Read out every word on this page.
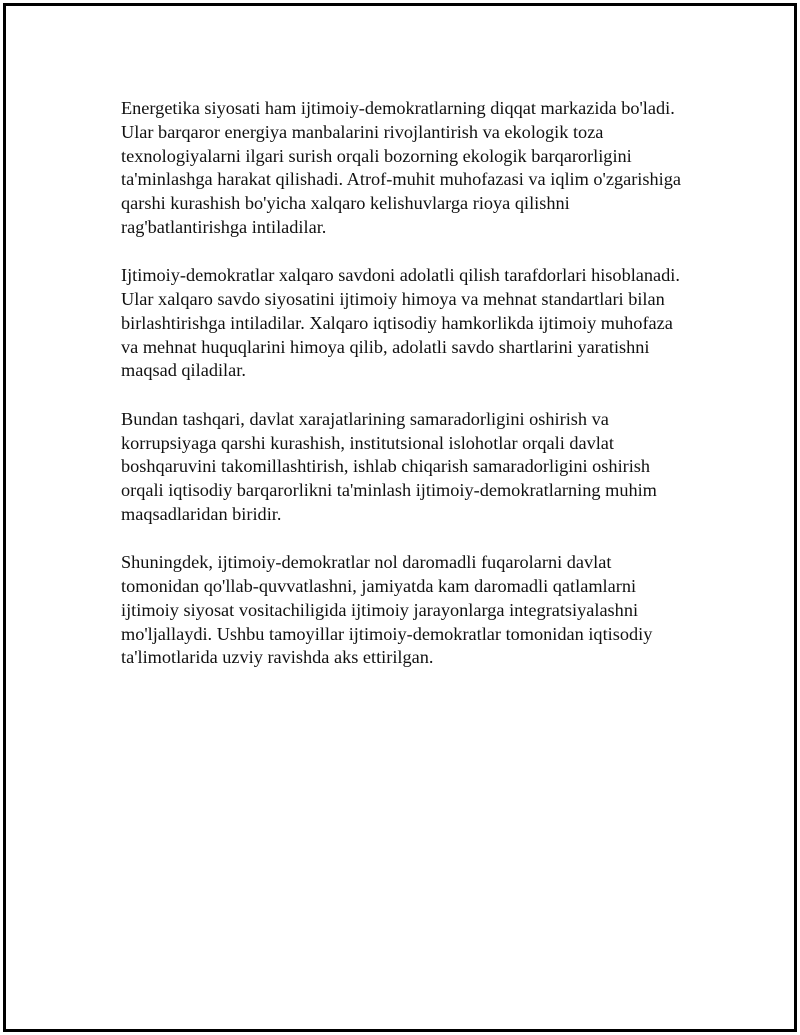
Energetika siyosati ham ijtimoiy-demokratlarning diqqat markazida bo'ladi.
Ular barqaror energiya manbalarini rivojlantirish va ekologik toza
texnologiyalarni ilgari surish orqali bozorning ekologik barqarorligini
ta'minlashga harakat qilishadi. Atrof-muhit muhofazasi va iqlim o'zgarishiga
qarshi kurashish bo'yicha xalqaro kelishuvlarga rioya qilishni
rag'batlantirishga intiladilar.

Ijtimoiy-demokratlar xalqaro savdoni adolatli qilish tarafdorlari hisoblanadi.
Ular xalqaro savdo siyosatini ijtimoiy himoya va mehnat standartlari bilan
birlashtirishga intiladilar. Xalqaro iqtisodiy hamkorlikda ijtimoiy muhofaza
va mehnat huquqlarini himoya qilib, adolatli savdo shartlarini yaratishni
maqsad qiladilar.

Bundan tashqari, davlat xarajatlarining samaradorligini oshirish va
korrupsiyaga qarshi kurashish, institutsional islohotlar orqali davlat
boshqaruvini takomillashtirish, ishlab chiqarish samaradorligini oshirish
orqali iqtisodiy barqarorlikni ta'minlash ijtimoiy-demokratlarning muhim
maqsadlaridan biridir.

Shuningdek, ijtimoiy-demokratlar nol daromadli fuqarolarni davlat
tomonidan qo'llab-quvvatlashni, jamiyatda kam daromadli qatlamlarni
ijtimoiy siyosat vositachiligida ijtimoiy jarayonlarga integratsiyalashni
mo'ljallaydi. Ushbu tamoyillar ijtimoiy-demokratlar tomonidan iqtisodiy
ta'limotlarida uzviy ravishda aks ettirilgan.
